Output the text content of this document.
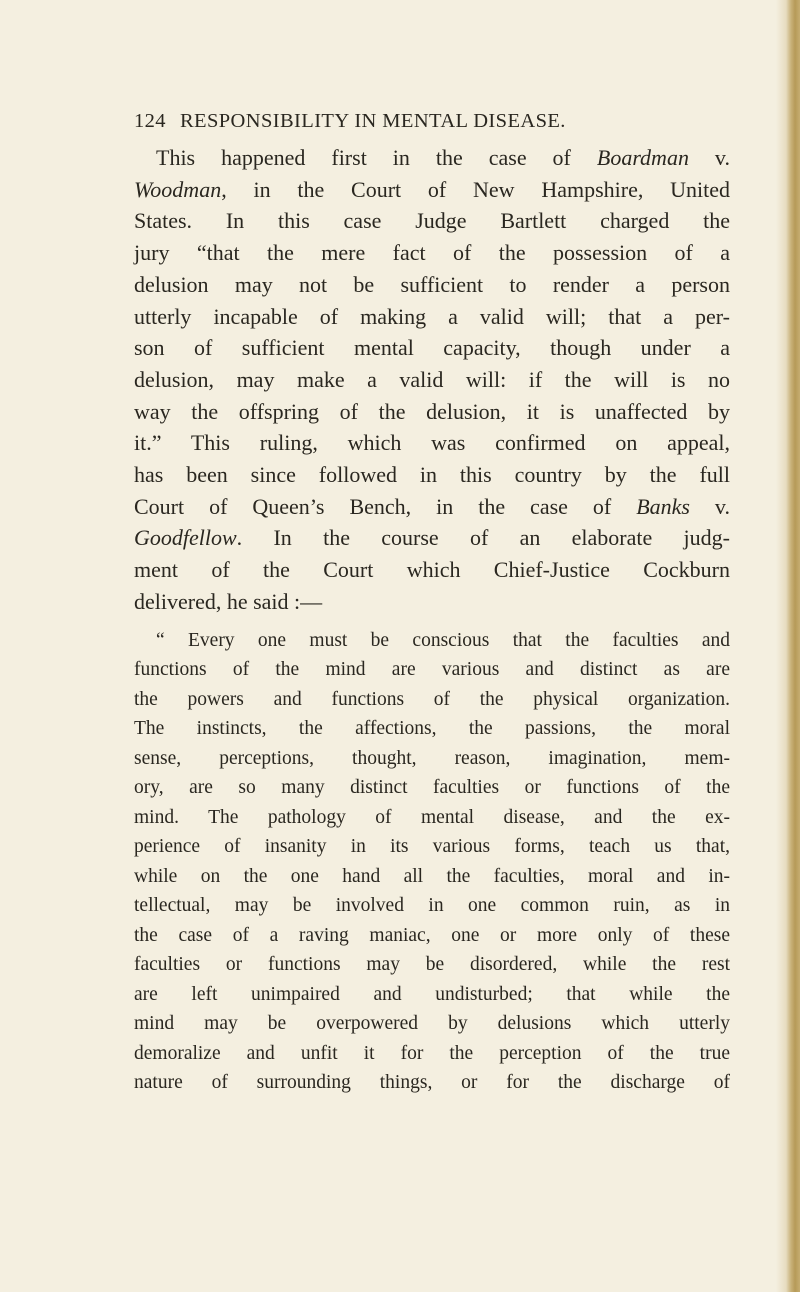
124 RESPONSIBILITY IN MENTAL DISEASE.
This happened first in the case of Boardman v.
Woodman, in the Court of New Hampshire, United
States. In this case Judge Bartlett charged the
jury “that the mere fact of the possession of a
delusion may not be sufficient to render a person
utterly incapable of making a valid will; that a per-
son of sufficient mental capacity, though under a
delusion, may make a valid will: if the will is no
way the offspring of the delusion, it is unaffected by
it.” This ruling, which was confirmed on appeal,
has been since followed in this country by the full
Court of Queen’s Bench, in the case of Banks v.
Goodfellow. In the course of an elaborate judg-
ment of the Court which Chief-Justice Cockburn
delivered, he said :—
“ Every one must be conscious that the faculties and
functions of the mind are various and distinct as are
the powers and functions of the physical organization.
The instincts, the affections, the passions, the moral
sense, perceptions, thought, reason, imagination, mem-
ory, are so many distinct faculties or functions of the
mind. The pathology of mental disease, and the ex-
perience of insanity in its various forms, teach us that,
while on the one hand all the faculties, moral and in-
tellectual, may be involved in one common ruin, as in
the case of a raving maniac, one or more only of these
faculties or functions may be disordered, while the rest
are left unimpaired and undisturbed; that while the
mind may be overpowered by delusions which utterly
demoralize and unfit it for the perception of the true
nature of surrounding things, or for the discharge of
